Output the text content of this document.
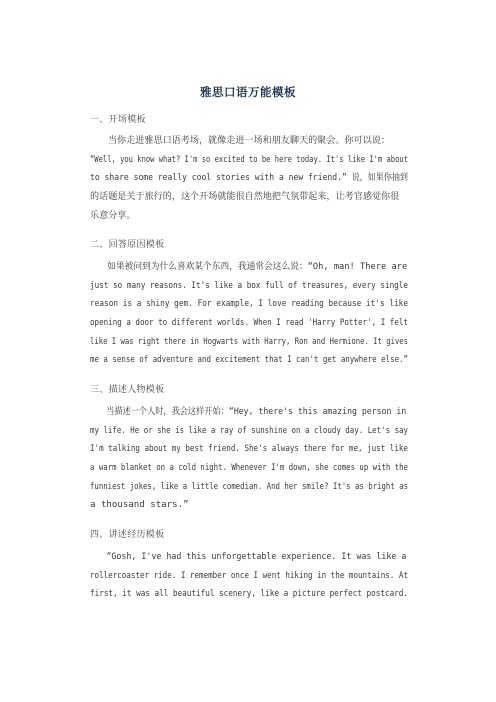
雅思口语万能模板
一、开场模板
当你走进雅思口语考场，就像走进一场和朋友聊天的聚会。你可以说：
“Well, you know what? I'm so excited to be here today. It's like I'm about
to share some really cool stories with a new friend.” 说，如果你抽到
的话题是关于旅行的，这个开场就能很自然地把气氛带起来，让考官感觉你很
乐意分享。
二、回答原因模板
如果被问到为什么喜欢某个东西，我通常会这么说：“Oh, man! There are
just so many reasons. It's like a box full of treasures, every single
reason is a shiny gem. For example, I love reading because it's like
opening a door to different worlds. When I read 'Harry Potter', I felt
like I was right there in Hogwarts with Harry, Ron and Hermione. It gives
me a sense of adventure and excitement that I can't get anywhere else.”
三、描述人物模板
当描述一个人时，我会这样开始：“Hey, there's this amazing person in
my life. He or she is like a ray of sunshine on a cloudy day. Let's say
I'm talking about my best friend. She's always there for me, just like
a warm blanket on a cold night. Whenever I'm down, she comes up with the
funniest jokes, like a little comedian. And her smile? It's as bright as
a thousand stars.”
四、讲述经历模板
“Gosh, I've had this unforgettable experience. It was like a
rollercoaster ride. I remember once I went hiking in the mountains. At
first, it was all beautiful scenery, like a picture perfect postcard.
